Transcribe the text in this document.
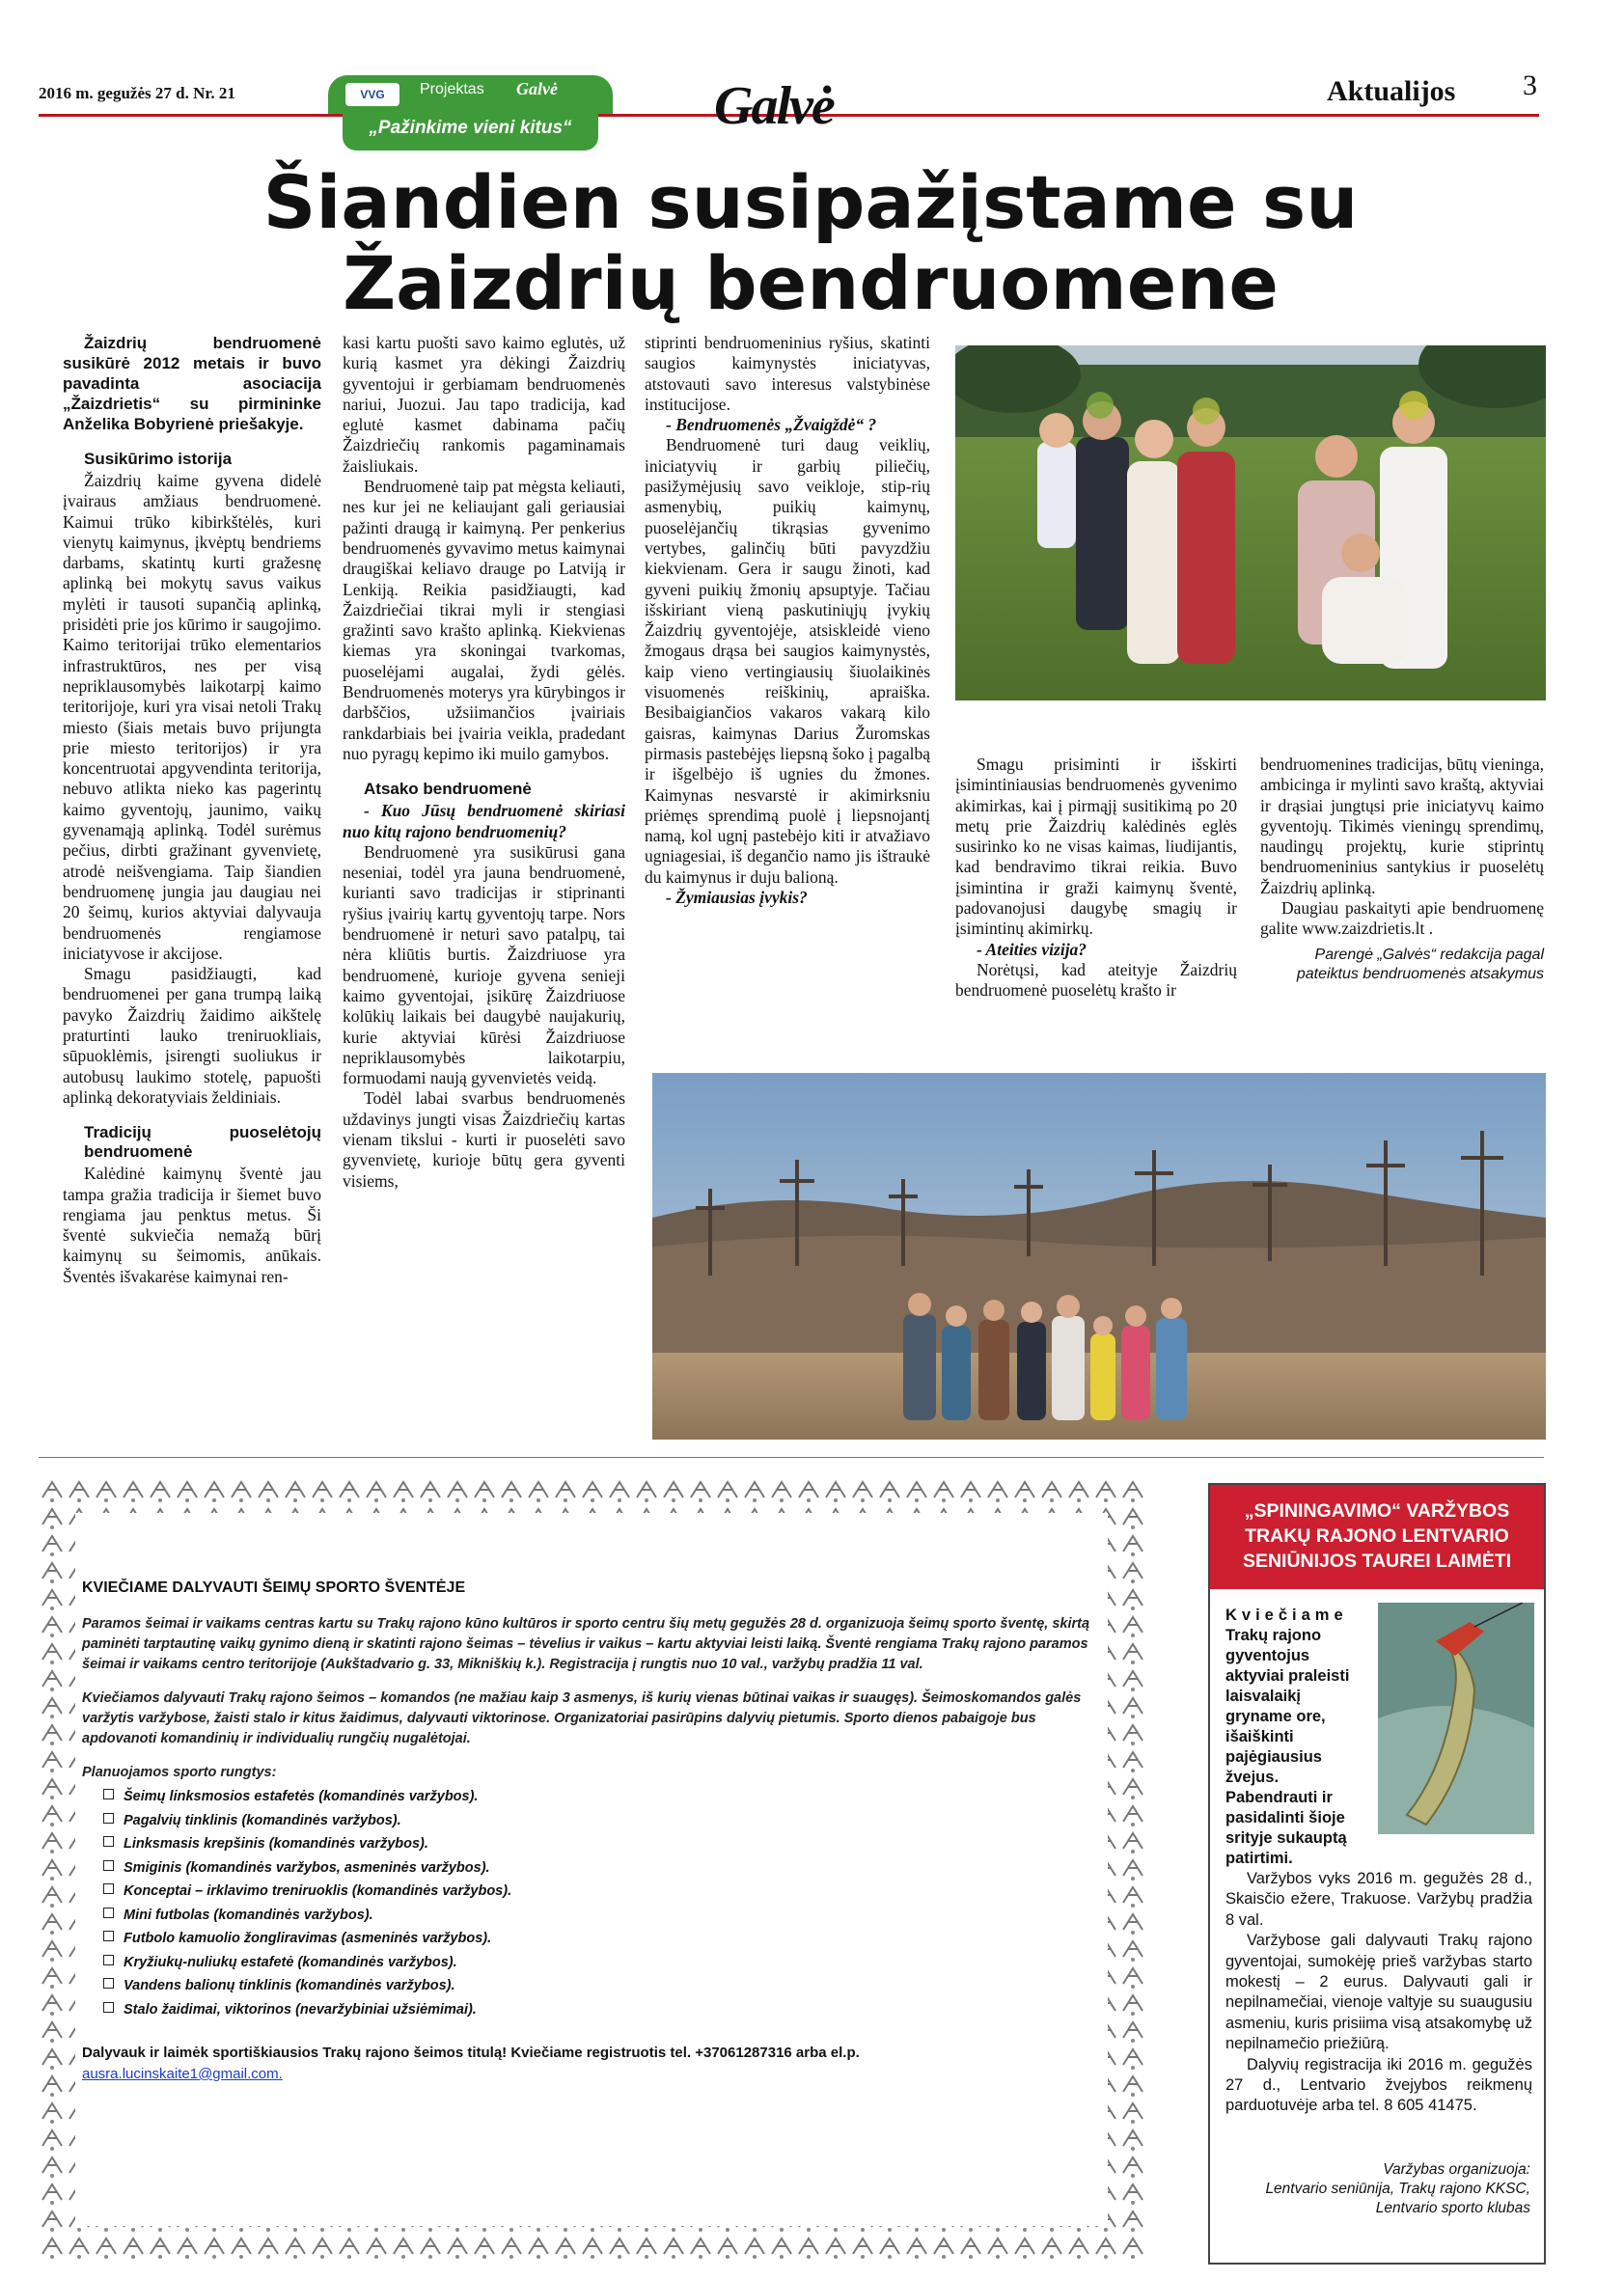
2016 m. gegužės 27 d. Nr. 21	VVG	Projektas Galvė
„Pažinkime vieni kitus“	Galvė	Aktualijos 3
Šiandien susipažįstame su
Žaizdrių bendruomene

Žaizdrių bendruomenė susikūrė 2012 metais ir buvo pavadinta asociacija „Žaizdrietis“ su pirmininke Anželika Bobyrienė priešakyje.

Susikūrimo istorija

Žaizdrių kaime gyvena didelė įvairaus amžiaus bendruomenė. Kaimui trūko kibirkštėlės, kuri vienytų kaimynus, įkvėptų bendriems darbams, skatintų kurti gražesnę aplinką bei mokytų savus vaikus mylėti ir tausoti supančią aplinką, prisidėti prie jos kūrimo ir saugojimo. Kaimo teritorijai trūko elementarios infrastruktūros, nes per visą nepriklausomybės laikotarpį kaimo teritorijoje, kuri yra visai netoli Trakų miesto (šiais metais buvo prijungta prie miesto teritorijos) ir yra koncentruotai apgyvendinta teritorija, nebuvo atlikta nieko kas pagerintų kaimo gyventojų, jaunimo, vaikų gyvenamąją aplinką. Todėl surėmus pečius, dirbti gražinant gyvenvietę, atrodė neišvengiama. Taip šiandien bendruomenę jungia jau daugiau nei 20 šeimų, kurios aktyviai dalyvauja bendruomenės rengiamose iniciatyvose ir akcijose.

Smagu pasidžiaugti, kad bendruomenei per gana trumpą laiką pavyko Žaizdrių žaidimo aikštelę praturtinti lauko treniruokliais, sūpuoklėmis, įsirengti suoliukus ir autobusų laukimo stotelę, papuošti aplinką dekoratyviais želdiniais.

Tradicijų puoselėtojų bendruomenė

Kalėdinė kaimynų šventė jau tampa gražia tradicija ir šiemet buvo rengiama jau penktus metus. Ši šventė sukviečia nemažą būrį kaimynų su šeimomis, anūkais. Šventės išvakarėse kaimynai ren-

kasi kartu puošti savo kaimo eglutės, už kurią kasmet yra dėkingi Žaizdrių gyventojui ir gerbiamam bendruomenės nariui, Juozui. Jau tapo tradicija, kad eglutė kasmet dabinama pačių Žaizdriečių rankomis pagaminamais žaisliukais.

Bendruomenė taip pat mėgsta keliauti, nes kur jei ne keliaujant gali geriausiai pažinti draugą ir kaimyną. Per penkerius bendruomenės gyvavimo metus kaimynai draugiškai keliavo drauge po Latviją ir Lenkiją. Reikia pasidžiaugti, kad Žaizdriečiai tikrai myli ir stengiasi gražinti savo krašto aplinką. Kiekvienas kiemas yra skoningai tvarkomas, puoselėjami augalai, žydi gėlės. Bendruomenės moterys yra kūrybingos ir darbščios, užsiimančios įvairiais rankdarbiais bei įvairia veikla, pradedant nuo pyragų kepimo iki muilo gamybos.

Atsako bendruomenė

- Kuo Jūsų bendruomenė skiriasi nuo kitų rajono bendruomenių?

Bendruomenė yra susikūrusi gana neseniai, todėl yra jauna bendruomenė, kurianti savo tradicijas ir stiprinanti ryšius įvairių kartų gyventojų tarpe. Nors bendruomenė ir neturi savo patalpų, tai nėra kliūtis burtis. Žaizdriuose yra bendruomenė, kurioje gyvena senieji kaimo gyventojai, įsikūrę Žaizdriuose kolūkių laikais bei daugybė naujakurių, kurie aktyviai kūrėsi Žaizdriuose nepriklausomybės laikotarpiu, formuodami naują gyvenvietės veidą.

Todėl labai svarbus bendruomenės uždavinys jungti visas Žaizdriečių kartas vienam tikslui - kurti ir puoselėti savo gyvenvietę, kurioje būtų gera gyventi visiems,

stiprinti bendruomeninius ryšius, skatinti saugios kaimynystės iniciatyvas, atstovauti savo interesus valstybinėse institucijose.

- Bendruomenės „Žvaigždė“ ?

Bendruomenė turi daug veiklių, iniciatyvių ir garbių piliečių, pasižymėjusių savo veikloje, stip-rių asmenybių, puikių kaimynų, puoselėjančių tikrąsias gyvenimo vertybes, galinčių būti pavyzdžiu kiekvienam. Gera ir saugu žinoti, kad gyveni puikių žmonių apsuptyje. Tačiau išskiriant vieną paskutiniųjų įvykių Žaizdrių gyventojėje, atsiskleidė vieno žmogaus drąsa bei saugios kaimynystės, kaip vieno vertingiausių šiuolaikinės visuomenės reiškinių, apraiška. Besibaigiančios vakaros vakarą kilo gaisras, kaimynas Darius Žuromskas pirmasis pastebėjęs liepsną šoko į pagalbą ir išgelbėjo iš ugnies du žmones. Kaimynas nesvarstė ir akimirksniu priėmęs sprendimą puolė į liepsnojantį namą, kol ugnį pastebėjo kiti ir atvažiavo ugniagesiai, iš degančio namo jis ištraukė du kaimynus ir duju balioną.

- Žymiausias įvykis?

Smagu prisiminti ir išskirti įsimintiniausias bendruomenės gyvenimo akimirkas, kai į pirmąjį susitikimą po 20 metų prie Žaizdrių kalėdinės eglės susirinko ko ne visas kaimas, liudijantis, kad bendravimo tikrai reikia. Buvo įsimintina ir graži kaimynų šventė, padovanojusi daugybę smagių ir įsimintinų akimirkų.

- Ateities vizija?

Norėtųsi, kad ateityje Žaizdrių bendruomenė puoselėtų krašto ir

bendruomenines tradicijas, būtų vieninga, ambicinga ir mylinti savo kraštą, aktyviai ir drąsiai jungtųsi prie iniciatyvų kaimo gyventojų. Tikimės vieningų sprendimų, naudingų projektų, kurie stiprintų bendruomeninius santykius ir puoselėtų Žaizdrių aplinką.

Daugiau paskaityti apie bendruomenę galite www.zaizdrietis.lt .

Parengė „Galvės“ redakcija pagal pateiktus bendruomenės atsakymus

KVIEČIAME DALYVAUTI ŠEIMŲ SPORTO ŠVENTĖJE

Paramos šeimai ir vaikams centras kartu su Trakų rajono kūno kultūros ir sporto centru šių metų gegužės 28 d. organizuoja šeimų sporto šventę, skirtą paminėti tarptautinę vaikų gynimo dieną ir skatinti rajono šeimas – tėvelius ir vaikus – kartu aktyviai leisti laiką. Šventė rengiama Trakų rajono paramos šeimai ir vaikams centro teritorijoje (Aukštadvario g. 33, Mikniškių k.). Registracija į rungtis nuo 10 val., varžybų pradžia 11 val.

Kviečiamos dalyvauti Trakų rajono šeimos – komandos (ne mažiau kaip 3 asmenys, iš kurių vienas būtinai vaikas ir suaugęs). Šeimoskomandos galės varžytis varžybose, žaisti stalo ir kitus žaidimus, dalyvauti viktorinose. Organizatoriai pasirūpins dalyvių pietumis. Sporto dienos pabaigoje bus apdovanoti komandinių ir individualių rungčių nugalėtojai.

Planuojamos sporto rungtys:

Šeimų linksmosios estafetės (komandinės varžybos).
Pagalvių tinklinis (komandinės varžybos).
Linksmasis krepšinis (komandinės varžybos).
Smiginis (komandinės varžybos, asmeninės varžybos).
Konceptai – irklavimo treniruoklis (komandinės varžybos).
Mini futbolas (komandinės varžybos).
Futbolo kamuolio žongliravimas (asmeninės varžybos).
Kryžiukų-nuliukų estafetė (komandinės varžybos).
Vandens balionų tinklinis (komandinės varžybos).
Stalo žaidimai, viktorinos (nevaržybiniai užsiėmimai).

Dalyvauk ir laimėk sportiškiausios Trakų rajono šeimos titulą! Kviečiame registruotis tel. +37061287316 arba el.p.
ausra.lucinskaite1@gmail.com.

„SPININGAVIMO“ VARŽYBOS TRAKŲ RAJONO LENTVARIO SENIŪNIJOS TAUREI LAIMĖTI
Kviečiame
Trakų rajono gyventojus aktyviai praleisti laisvalaikį gryname ore, išaiškinti pajėgiausius žvejus. Pabendrauti ir pasidalinti šioje srityje sukauptą patirtimi.

Varžybos vyks 2016 m. gegužės 28 d., Skaisčio ežere, Trakuose. Varžybų pradžia 8 val.

Varžybose gali dalyvauti Trakų rajono gyventojai, sumokėję prieš varžybas starto mokestį – 2 eurus. Dalyvauti gali ir nepilnamečiai, vienoje valtyje su suaugusiu asmeniu, kuris prisiima visą atsakomybę už nepilnamečio priežiūrą.

Dalyvių registracija iki 2016 m. gegužės 27 d., Lentvario žvejybos reikmenų parduotuvėje arba tel. 8 605 41475.

Varžybas organizuoja:
Lentvario seniūnija, Trakų rajono KKSC,
Lentvario sporto klubas
